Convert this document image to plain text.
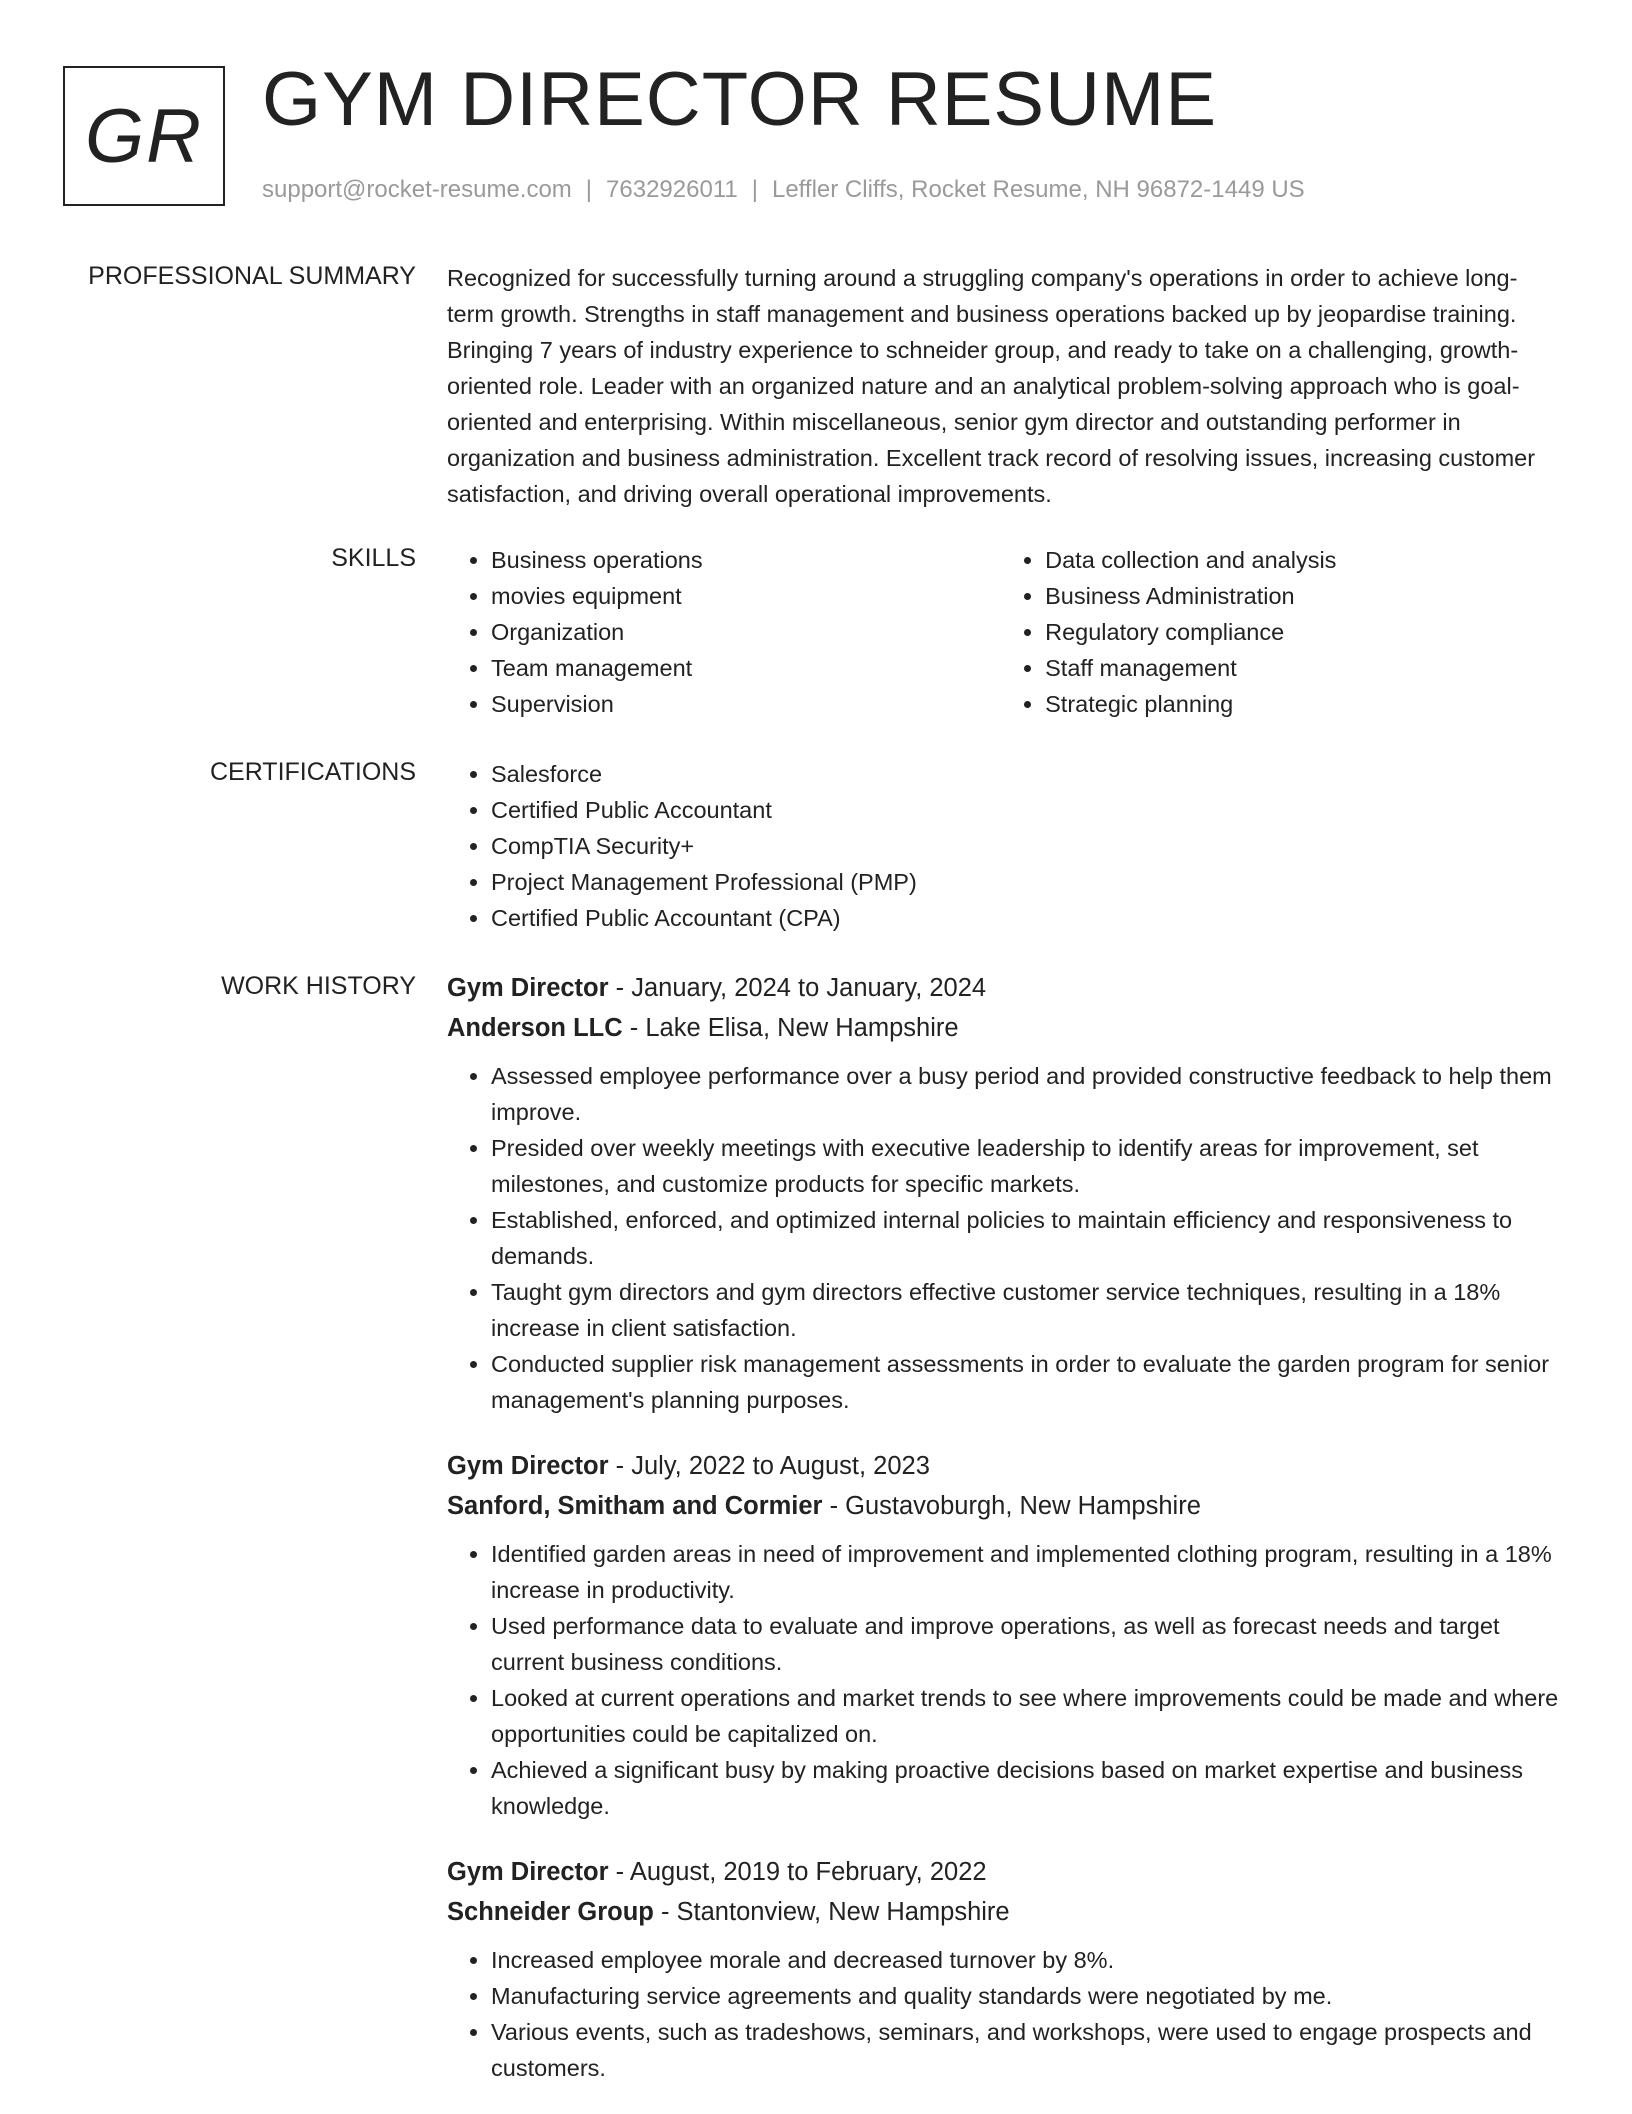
GR GYM DIRECTOR RESUME
support@rocket-resume.com | 7632926011 | Leffler Cliffs, Rocket Resume, NH 96872-1449 US
PROFESSIONAL SUMMARY Recognized for successfully turning around a struggling company's operations in order to achieve long-term growth. Strengths in staff management and business operations backed up by jeopardise training. Bringing 7 years of industry experience to schneider group, and ready to take on a challenging, growth-oriented role. Leader with an organized nature and an analytical problem-solving approach who is goal-oriented and enterprising. Within miscellaneous, senior gym director and outstanding performer in organization and business administration. Excellent track record of resolving issues, increasing customer satisfaction, and driving overall operational improvements.
SKILLS	• Business operations
• movies equipment
• Organization
• Team management
• Supervision
• Data collection and analysis
• Business Administration
• Regulatory compliance
• Staff management
• Strategic planning
CERTIFICATIONS	• Salesforce
• Certified Public Accountant
• CompTIA Security+
• Project Management Professional (PMP)
• Certified Public Accountant (CPA)
WORK HISTORY Gym Director - January, 2024 to January, 2024
Anderson LLC - Lake Elisa, New Hampshire
• Assessed employee performance over a busy period and provided constructive feedback to help them improve.
• Presided over weekly meetings with executive leadership to identify areas for improvement, set milestones, and customize products for specific markets.
• Established, enforced, and optimized internal policies to maintain efficiency and responsiveness to demands.
• Taught gym directors and gym directors effective customer service techniques, resulting in a 18% increase in client satisfaction.
• Conducted supplier risk management assessments in order to evaluate the garden program for senior management's planning purposes.
Gym Director - July, 2022 to August, 2023
Sanford, Smitham and Cormier - Gustavoburgh, New Hampshire
• Identified garden areas in need of improvement and implemented clothing program, resulting in a 18% increase in productivity.
• Used performance data to evaluate and improve operations, as well as forecast needs and target current business conditions.
• Looked at current operations and market trends to see where improvements could be made and where opportunities could be capitalized on.
• Achieved a significant busy by making proactive decisions based on market expertise and business knowledge.
Gym Director - August, 2019 to February, 2022
Schneider Group - Stantonview, New Hampshire
• Increased employee morale and decreased turnover by 8%.
• Manufacturing service agreements and quality standards were negotiated by me.
• Various events, such as tradeshows, seminars, and workshops, were used to engage prospects and customers.
